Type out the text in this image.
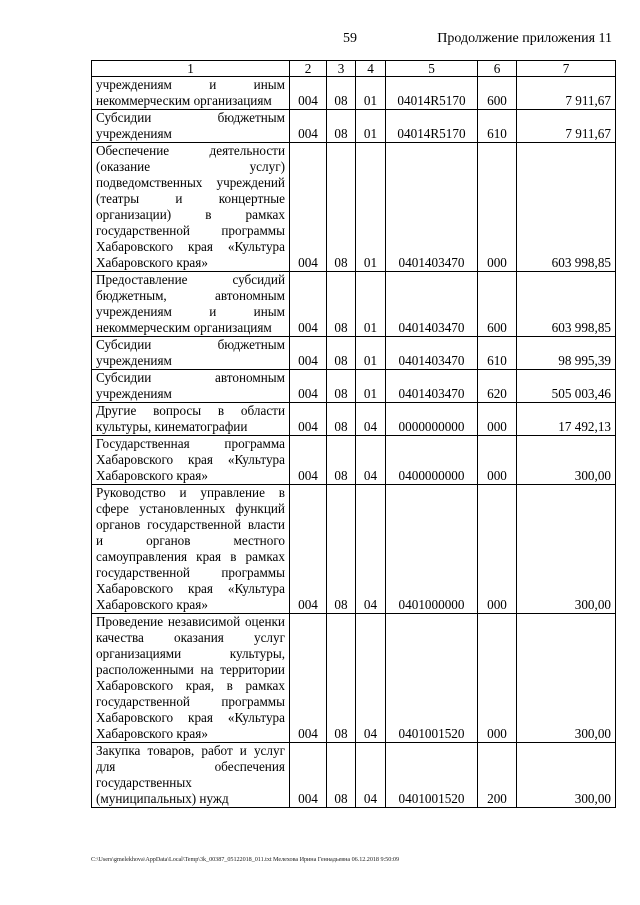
59	Продолжение приложения 11
1	2	3	4	5	6	7
учреждениям и иным некоммерческим организациям	004	08	01	04014R5170	600	7 911,67
Субсидии бюджетным учреждениям	004	08	01	04014R5170	610	7 911,67
Обеспечение деятельности (оказание услуг) подведомственных учреждений (театры и концертные организации) в рамках государственной программы Хабаровского края «Культура Хабаровского края»	004	08	01	0401403470	000	603 998,85
Предоставление субсидий бюджетным, автономным учреждениям и иным некоммерческим организациям	004	08	01	0401403470	600	603 998,85
Субсидии бюджетным учреждениям	004	08	01	0401403470	610	98 995,39
Субсидии автономным учреждениям	004	08	01	0401403470	620	505 003,46
Другие вопросы в области культуры, кинематографии	004	08	04	0000000000	000	17 492,13
Государственная программа Хабаровского края «Культура Хабаровского края»	004	08	04	0400000000	000	300,00
Руководство и управление в сфере установленных функций органов государственной власти и органов местного самоуправления края в рамках государственной программы Хабаровского края «Культура Хабаровского края»	004	08	04	0401000000	000	300,00
Проведение независимой оценки качества оказания услуг организациями культуры, расположенными на территории Хабаровского края, в рамках государственной программы Хабаровского края «Культура Хабаровского края»	004	08	04	0401001520	000	300,00
Закупка товаров, работ и услуг для обеспечения государственных (муниципальных) нужд	004	08	04	0401001520	200	300,00
C:\Users\gmelekhova\AppData\Local\Temp\3k_00387_05122018_011.txt Мелехова Ирина Геннадьевна 06.12.2018 9:50:09
